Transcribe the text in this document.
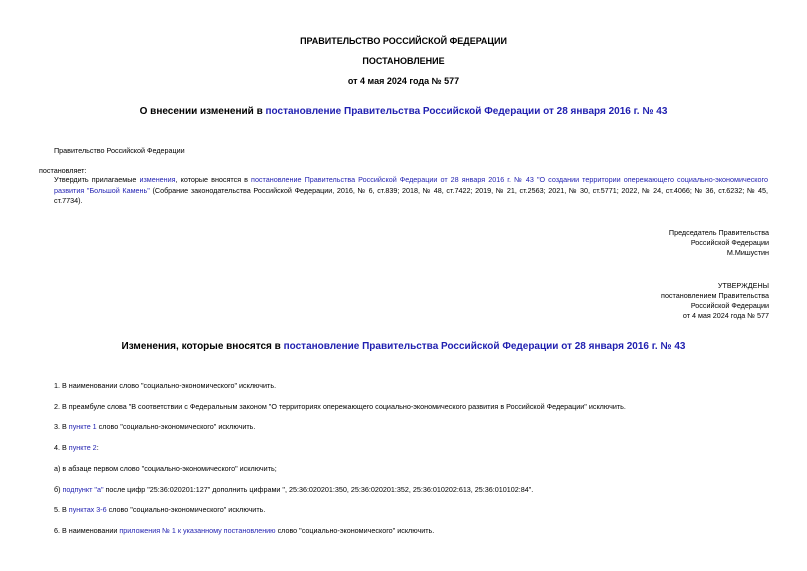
ПРАВИТЕЛЬСТВО РОССИЙСКОЙ ФЕДЕРАЦИИ
ПОСТАНОВЛЕНИЕ
от 4 мая 2024 года № 577
О внесении изменений в постановление Правительства Российской Федерации от 28 января 2016 г. № 43
Правительство Российской Федерации
постановляет:
Утвердить прилагаемые изменения, которые вносятся в постановление Правительства Российской Федерации от 28 января 2016 г. № 43 "О создании территории опережающего социально-экономического развития "Большой Камень" (Собрание законодательства Российской Федерации, 2016, № 6, ст.839; 2018, № 48, ст.7422; 2019, № 21, ст.2563; 2021, № 30, ст.5771; 2022, № 24, ст.4066; № 36, ст.6232; № 45, ст.7734).
Председатель Правительства
Российской Федерации
М.Мишустин
УТВЕРЖДЕНЫ
постановлением Правительства
Российской Федерации
от 4 мая 2024 года № 577
Изменения, которые вносятся в постановление Правительства Российской Федерации от 28 января 2016 г. № 43
1. В наименовании слово "социально-экономического" исключить.
2. В преамбуле слова "В соответствии с Федеральным законом "О территориях опережающего социально-экономического развития в Российской Федерации" исключить.
3. В пункте 1 слово "социально-экономического" исключить.
4. В пункте 2:
а) в абзаце первом слово "социально-экономического" исключить;
б) подпункт "а" после цифр "25:36:020201:127" дополнить цифрами ", 25:36:020201:350, 25:36:020201:352, 25:36:010202:613, 25:36:010102:84".
5. В пунктах 3-6 слово "социально-экономического" исключить.
6. В наименовании приложения № 1 к указанному постановлению слово "социально-экономического" исключить.
